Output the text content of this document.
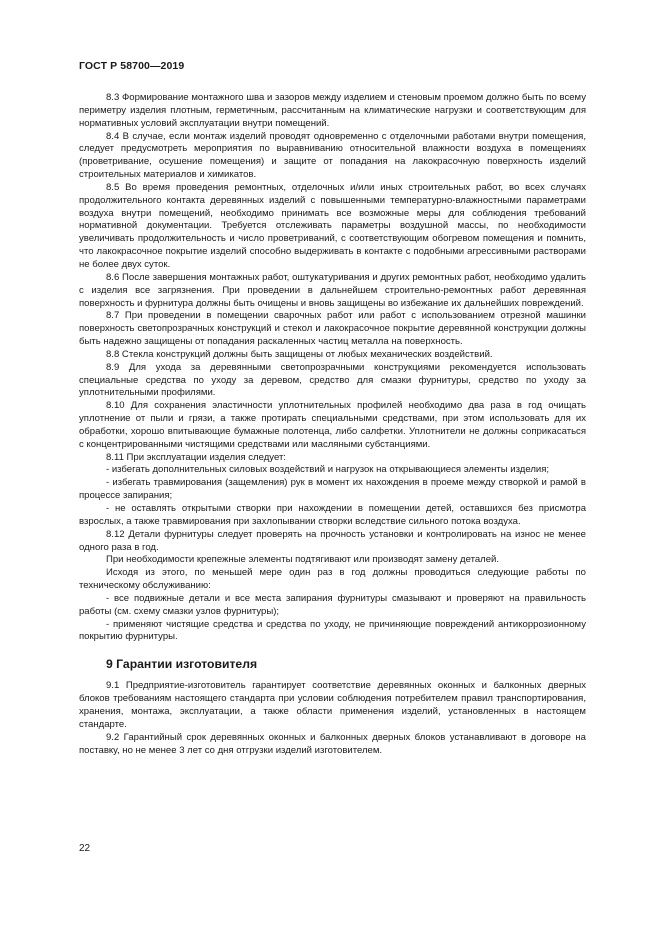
ГОСТ Р 58700—2019

8.3 Формирование монтажного шва и зазоров между изделием и стеновым проемом должно быть по всему периметру изделия плотным, герметичным, рассчитанным на климатические нагрузки и соответствующим для нормативных условий эксплуатации внутри помещений.

8.4 В случае, если монтаж изделий проводят одновременно с отделочными работами внутри помещения, следует предусмотреть мероприятия по выравниванию относительной влажности воздуха в помещениях (проветривание, осушение помещения) и защите от попадания на лакокрасочную поверхность изделий строительных материалов и химикатов.

8.5 Во время проведения ремонтных, отделочных и/или иных строительных работ, во всех случаях продолжительного контакта деревянных изделий с повышенными температурно-влажностными параметрами воздуха внутри помещений, необходимо принимать все возможные меры для соблюдения требований нормативной документации. Требуется отслеживать параметры воздушной массы, по необходимости увеличивать продолжительность и число проветриваний, с соответствующим обогревом помещения и помнить, что лакокрасочное покрытие изделий способно выдерживать в контакте с подобными агрессивными растворами не более двух суток.

8.6 После завершения монтажных работ, оштукатуривания и других ремонтных работ, необходимо удалить с изделия все загрязнения. При проведении в дальнейшем строительно-ремонтных работ деревянная поверхность и фурнитура должны быть очищены и вновь защищены во избежание их дальнейших повреждений.

8.7 При проведении в помещении сварочных работ или работ с использованием отрезной машинки поверхность светопрозрачных конструкций и стекол и лакокрасочное покрытие деревянной конструкции должны быть надежно защищены от попадания раскаленных частиц металла на поверхность.

8.8 Стекла конструкций должны быть защищены от любых механических воздействий.

8.9 Для ухода за деревянными светопрозрачными конструкциями рекомендуется использовать специальные средства по уходу за деревом, средство для смазки фурнитуры, средство по уходу за уплотнительными профилями.

8.10 Для сохранения эластичности уплотнительных профилей необходимо два раза в год очищать уплотнение от пыли и грязи, а также протирать специальными средствами, при этом использовать для их обработки, хорошо впитывающие бумажные полотенца, либо салфетки. Уплотнители не должны соприкасаться с концентрированными чистящими средствами или масляными субстанциями.

8.11 При эксплуатации изделия следует:

- избегать дополнительных силовых воздействий и нагрузок на открывающиеся элементы изделия;

- избегать травмирования (защемления) рук в момент их нахождения в проеме между створкой и рамой в процессе запирания;

- не оставлять открытыми створки при нахождении в помещении детей, оставшихся без присмотра взрослых, а также травмирования при захлопывании створки вследствие сильного потока воздуха.

8.12 Детали фурнитуры следует проверять на прочность установки и контролировать на износ не менее одного раза в год.

При необходимости крепежные элементы подтягивают или производят замену деталей.

Исходя из этого, по меньшей мере один раз в год должны проводиться следующие работы по техническому обслуживанию:

- все подвижные детали и все места запирания фурнитуры смазывают и проверяют на правильность работы (см. схему смазки узлов фурнитуры);

- применяют чистящие средства и средства по уходу, не причиняющие повреждений антикоррозионному покрытию фурнитуры.

9 Гарантии изготовителя

9.1 Предприятие-изготовитель гарантирует соответствие деревянных оконных и балконных дверных блоков требованиям настоящего стандарта при условии соблюдения потребителем правил транспортирования, хранения, монтажа, эксплуатации, а также области применения изделий, установленных в настоящем стандарте.

9.2 Гарантийный срок деревянных оконных и балконных дверных блоков устанавливают в договоре на поставку, но не менее 3 лет со дня отгрузки изделий изготовителем.

22
